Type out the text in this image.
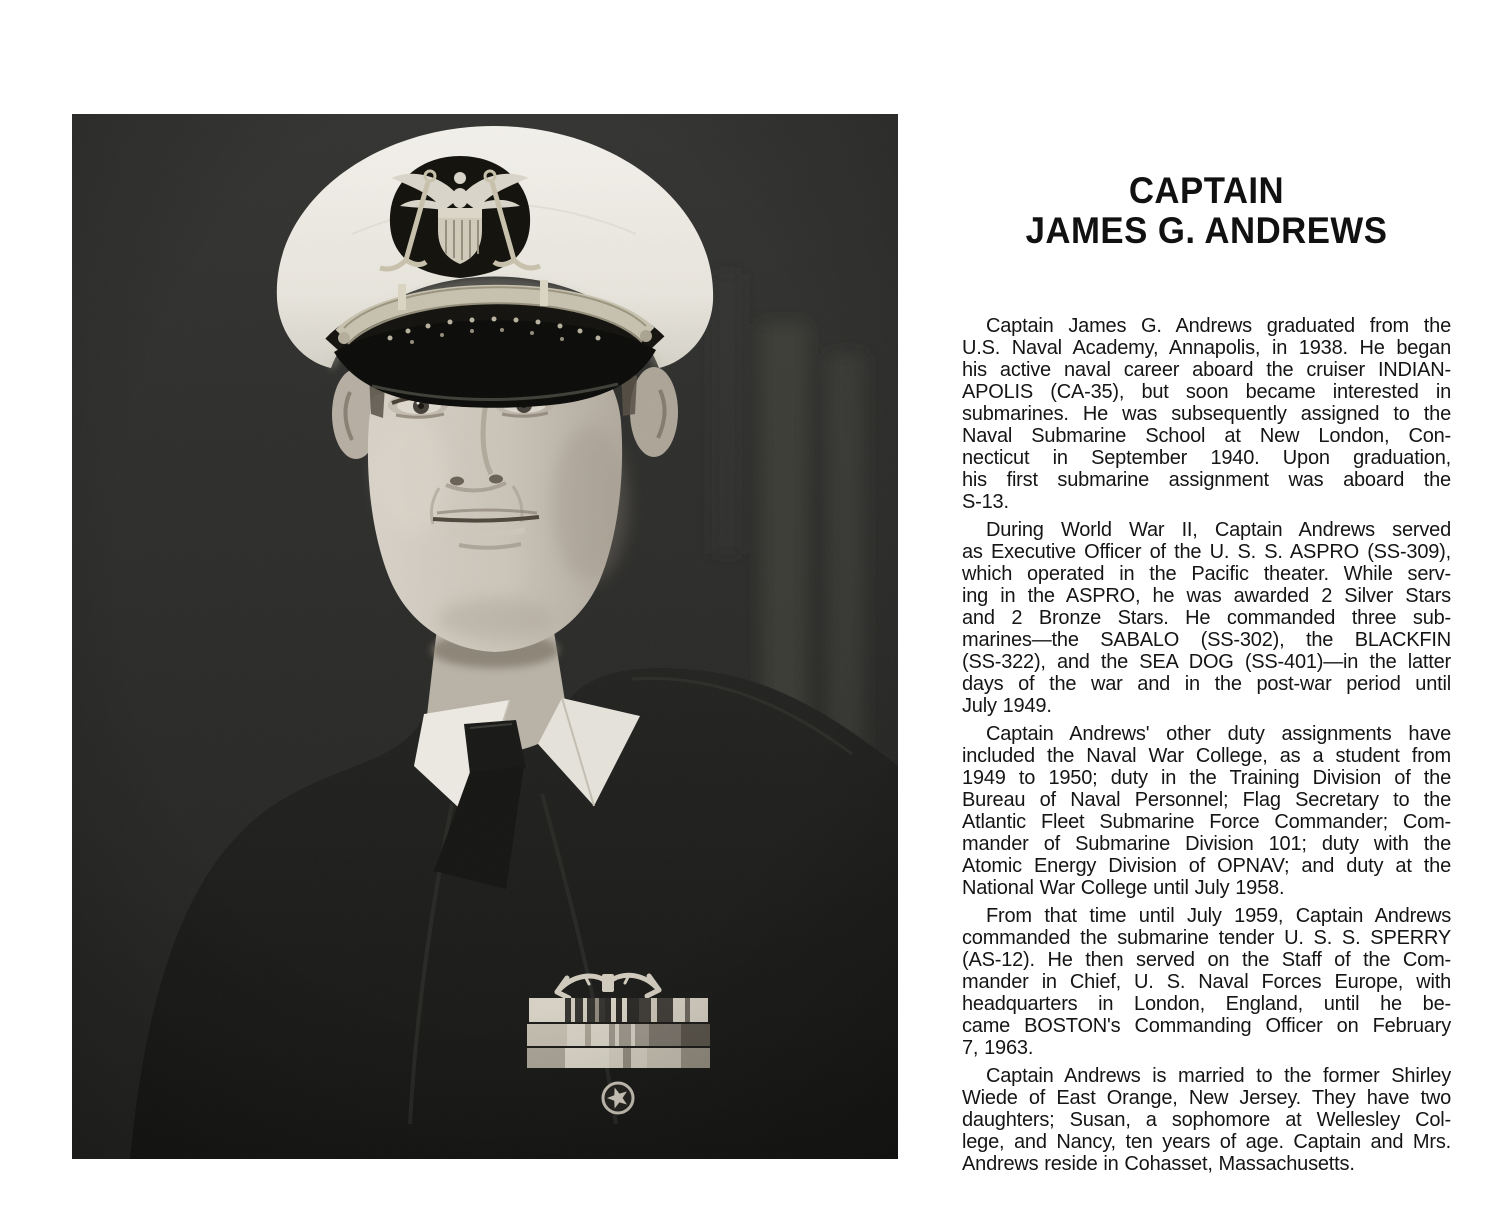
CAPTAIN
JAMES G. ANDREWS
Captain James G. Andrews graduated from the
U.S. Naval Academy, Annapolis, in 1938. He began
his active naval career aboard the cruiser INDIAN-
APOLIS (CA-35), but soon became interested in
submarines. He was subsequently assigned to the
Naval Submarine School at New London, Con-
necticut in September 1940. Upon graduation,
his first submarine assignment was aboard the
S-13.
During World War II, Captain Andrews served
as Executive Officer of the U. S. S. ASPRO (SS-309),
which operated in the Pacific theater. While serv-
ing in the ASPRO, he was awarded 2 Silver Stars
and 2 Bronze Stars. He commanded three sub-
marines—the SABALO (SS-302), the BLACKFIN
(SS-322), and the SEA DOG (SS-401)—in the latter
days of the war and in the post-war period until
July 1949.
Captain Andrews' other duty assignments have
included the Naval War College, as a student from
1949 to 1950; duty in the Training Division of the
Bureau of Naval Personnel; Flag Secretary to the
Atlantic Fleet Submarine Force Commander; Com-
mander of Submarine Division 101; duty with the
Atomic Energy Division of OPNAV; and duty at the
National War College until July 1958.
From that time until July 1959, Captain Andrews
commanded the submarine tender U. S. S. SPERRY
(AS-12). He then served on the Staff of the Com-
mander in Chief, U. S. Naval Forces Europe, with
headquarters in London, England, until he be-
came BOSTON's Commanding Officer on February
7, 1963.
Captain Andrews is married to the former Shirley
Wiede of East Orange, New Jersey. They have two
daughters; Susan, a sophomore at Wellesley Col-
lege, and Nancy, ten years of age. Captain and Mrs.
Andrews reside in Cohasset, Massachusetts.
